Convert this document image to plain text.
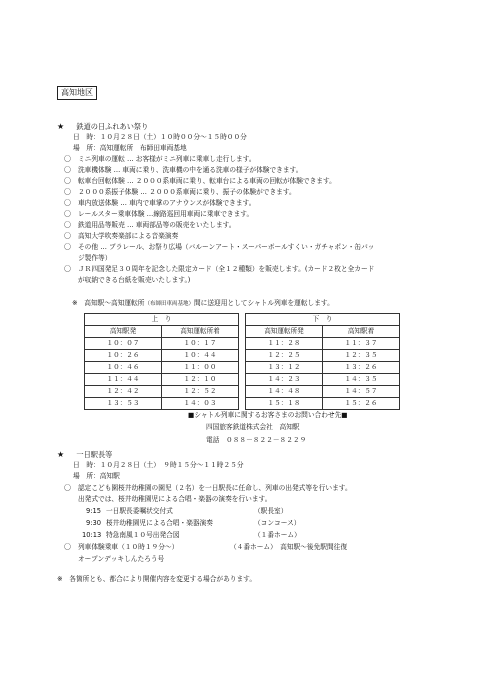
高知地区
★ 鉄道の日ふれあい祭り
日　時：１０月２８日（土）１０時００分～１５時００分
場　所：高知運転所　布師田車両基地
〇 ミニ列車の運転 … お客様がミニ列車に乗車し走行します。
〇 洗車機体験 … 車両に乗り、洗車機の中を通る洗車の様子が体験できます。
〇 転車台回転体験 … ２０００系車両に乗り、転車台による車両の回転が体験できます。
〇 ２０００系振子体験 … ２０００系車両に乗り、振子の体験ができます。
〇 車内放送体験 … 車内で車掌のアナウンスが体験できます。
〇 レールスター乗車体験 …線路巡回用車両に乗車できます。
〇 鉄道用品等販売 … 車両部品等の販売をいたします。
〇 高知大学吹奏楽部による音楽演奏
〇 その他 … ブラレール、お祭り広場（バルーンアート・スーパーボールすくい・ガチャポン・缶バッ
ジ製作等）
〇 ＪＲ四国発足３０周年を記念した限定カード（全１２種類）を販売します。(カード２枚と全カード
が収納できる台紙を販売いたします。)
※　高知駅～高知運転所（布師田車両基地）間に送迎用としてシャトル列車を運転します。
上　り			下　り	
高知駅発	高知運転所着		高知運転所発	高知駅着
１０：０７	１０：１７		１１：２８	１１：３７
１０：２６	１０：４４		１２：２５	１２：３５
１０：４６	１１：００		１３：１２	１３：２６
１１：４４	１２：１０		１４：２３	１４：３５
１２：４２	１２：５２		１４：４８	１４：５７
１３：５３	１４：０３		１５：１８	１５：２６
■シャトル列車に関するお客さまのお問い合わせ先■
四国旅客鉄道株式会社　高知駅
電話　０８８－８２２－８２２９
★ 一日駅長等
日　時：１０月２８日（土）　９時１５分～１１時２５分
場　所：高知駅
〇 認定こども園桜井幼稚園の園児（２名）を一日駅長に任命し、列車の出発式等を行います。
出発式では、桜井幼稚園児による合唱・楽器の演奏を行います。
9:15 一日駅長委嘱状交付式	（駅長室）
9:30 桜井幼稚園児による合唱・楽器演奏	（コンコース）
10:13 特急南風１０号出発合図	（１番ホーム）
〇 列車体験乗車（１０時１９分～）	（４番ホーム）　高知駅～後免駅間往復
オープンデッキしんたろう号
※　各箇所とも、都合により開催内容を変更する場合があります。
